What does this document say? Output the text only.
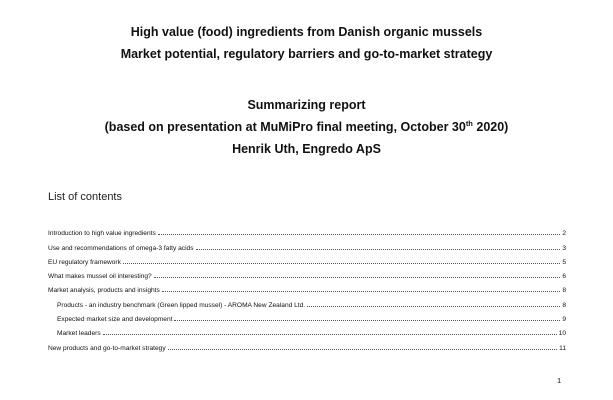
High value (food) ingredients from Danish organic mussels
Market potential, regulatory barriers and go-to-market strategy
Summarizing report
(based on presentation at MuMiPro final meeting, October 30th 2020)
Henrik Uth, Engredo ApS
List of contents
Introduction to high value ingredients	2
Use and recommendations of omega-3 fatty acids	3
EU regulatory framework	5
What makes mussel oil interesting?	6
Market analysis, products and insights	8
Products - an industry benchmark (Green lipped mussel) - AROMA New Zealand Ltd.	8
Expected market size and development	9
Market leaders	10
New products and go-to-market strategy	11
1
